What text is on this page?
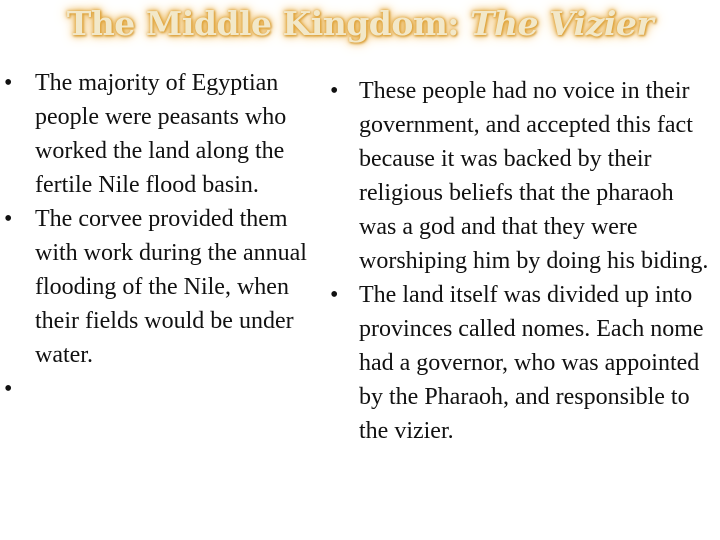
The Middle Kingdom: The Vizier
• The majority of Egyptian people were peasants who worked the land along the fertile Nile flood basin.
• The corvee provided them with work during the annual flooding of the Nile, when their fields would be under water.
•

• These people had no voice in their government, and accepted this fact because it was backed by their religious beliefs that the pharaoh was a god and that they were worshiping him by doing his biding.
• The land itself was divided up into provinces called nomes. Each nome had a governor, who was appointed by the Pharaoh, and responsible to the vizier.
